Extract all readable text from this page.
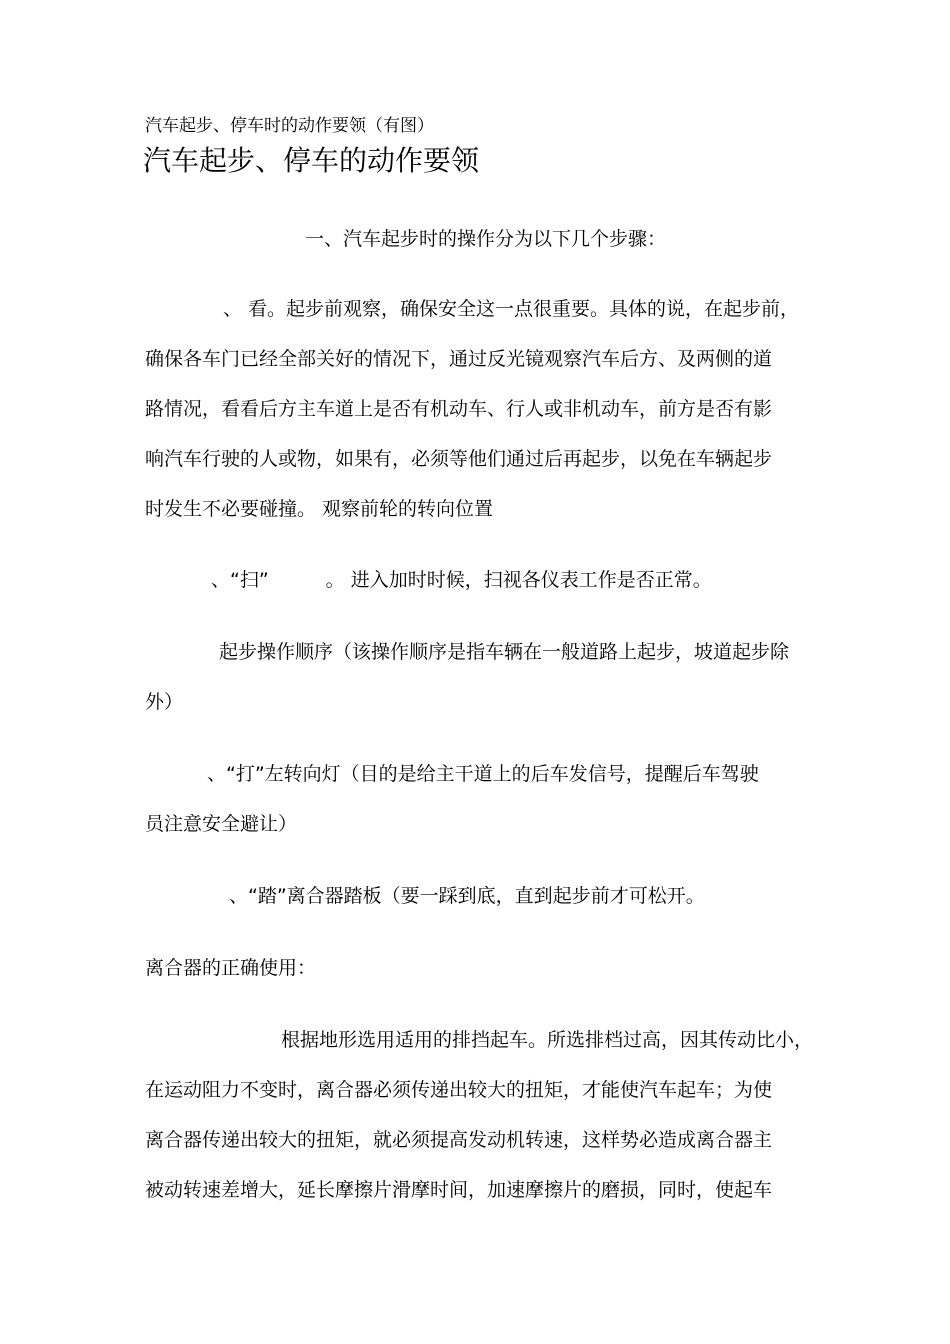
汽车起步、停车时的动作要领（有图）
汽车起步、停车的动作要领
一、汽车起步时的操作分为以下几个步骤：
、 看。起步前观察，确保安全这一点很重要。具体的说，在起步前，
确保各车门已经全部关好的情况下，通过反光镜观察汽车后方、及两侧的道
路情况，看看后方主车道上是否有机动车、行人或非机动车，前方是否有影
响汽车行驶的人或物，如果有，必须等他们通过后再起步，以免在车辆起步
时发生不必要碰撞。 观察前轮的转向位置
、“扫”　　　。 进入加时时候，扫视各仪表工作是否正常。
起步操作顺序（该操作顺序是指车辆在一般道路上起步，坡道起步除
外）
、“打”左转向灯（目的是给主干道上的后车发信号，提醒后车驾驶
员注意安全避让）
、“踏”离合器踏板（要一踩到底，直到起步前才可松开。
离合器的正确使用：
根据地形选用适用的排挡起车。所选排档过高，因其传动比小，
在运动阻力不变时，离合器必须传递出较大的扭矩，才能使汽车起车；为使
离合器传递出较大的扭矩，就必须提高发动机转速，这样势必造成离合器主
被动转速差增大，延长摩擦片滑摩时间，加速摩擦片的磨损，同时，使起车
